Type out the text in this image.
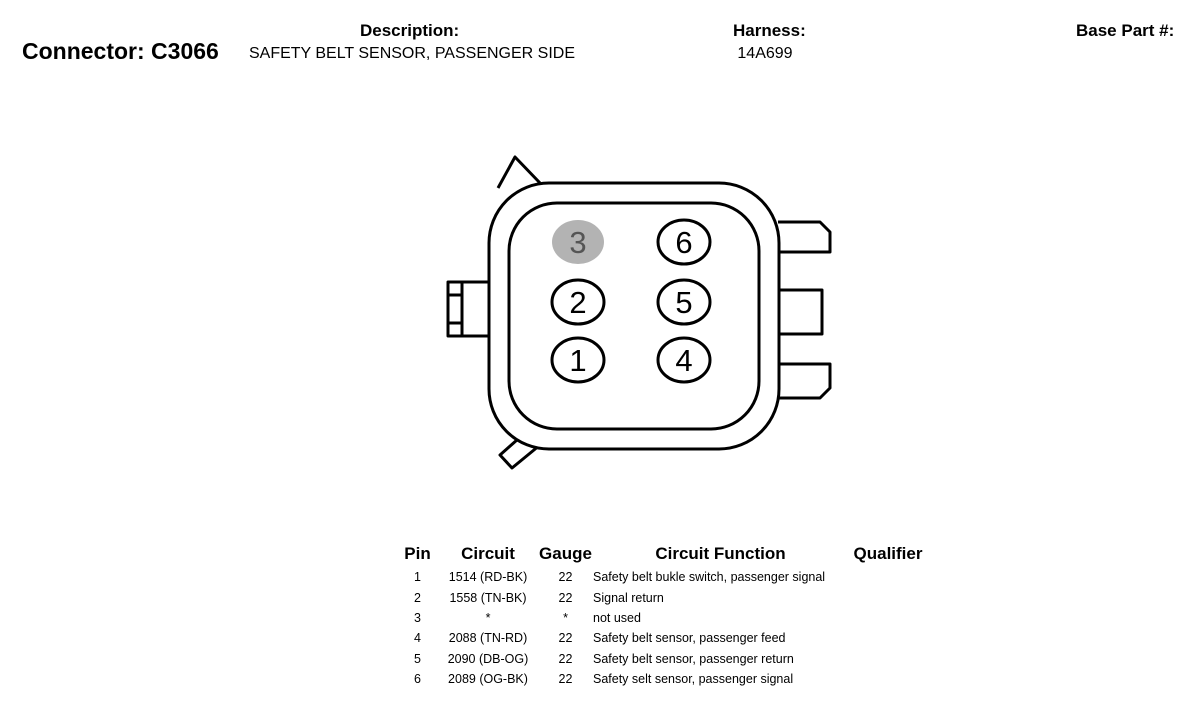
Connector: C3066
Description:
SAFETY BELT SENSOR, PASSENGER SIDE
Harness:
14A699
Base Part #:
3	6
2	5
1	4
Pin	Circuit	Gauge	Circuit Function	Qualifier
1	1514 (RD-BK)	22	Safety belt bukle switch, passenger signal	
2	1558 (TN-BK)	22	Signal return	
3	*	*	not used	
4	2088 (TN-RD)	22	Safety belt sensor, passenger feed	
5	2090 (DB-OG)	22	Safety belt sensor, passenger return	
6	2089 (OG-BK)	22	Safety selt sensor, passenger signal	
